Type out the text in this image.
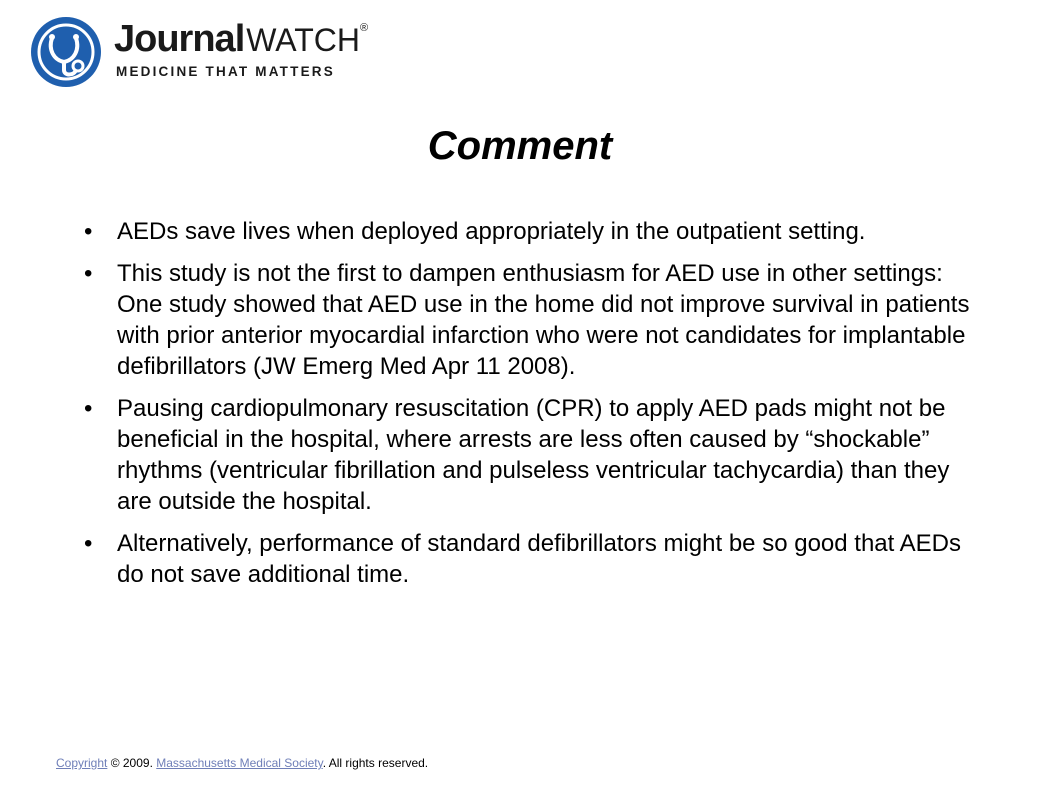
JournalWATCH®
MEDICINE THAT MATTERS
Comment
•	AEDs save lives when deployed appropriately in the outpatient setting.
•	This study is not the first to dampen enthusiasm for AED use in other settings: One study showed that AED use in the home did not improve survival in patients with prior anterior myocardial infarction who were not candidates for implantable defibrillators (JW Emerg Med Apr 11 2008).
•	Pausing cardiopulmonary resuscitation (CPR) to apply AED pads might not be beneficial in the hospital, where arrests are less often caused by “shockable” rhythms (ventricular fibrillation and pulseless ventricular tachycardia) than they are outside the hospital.
•	Alternatively, performance of standard defibrillators might be so good that AEDs do not save additional time.
Copyright © 2009. Massachusetts Medical Society. All rights reserved.
